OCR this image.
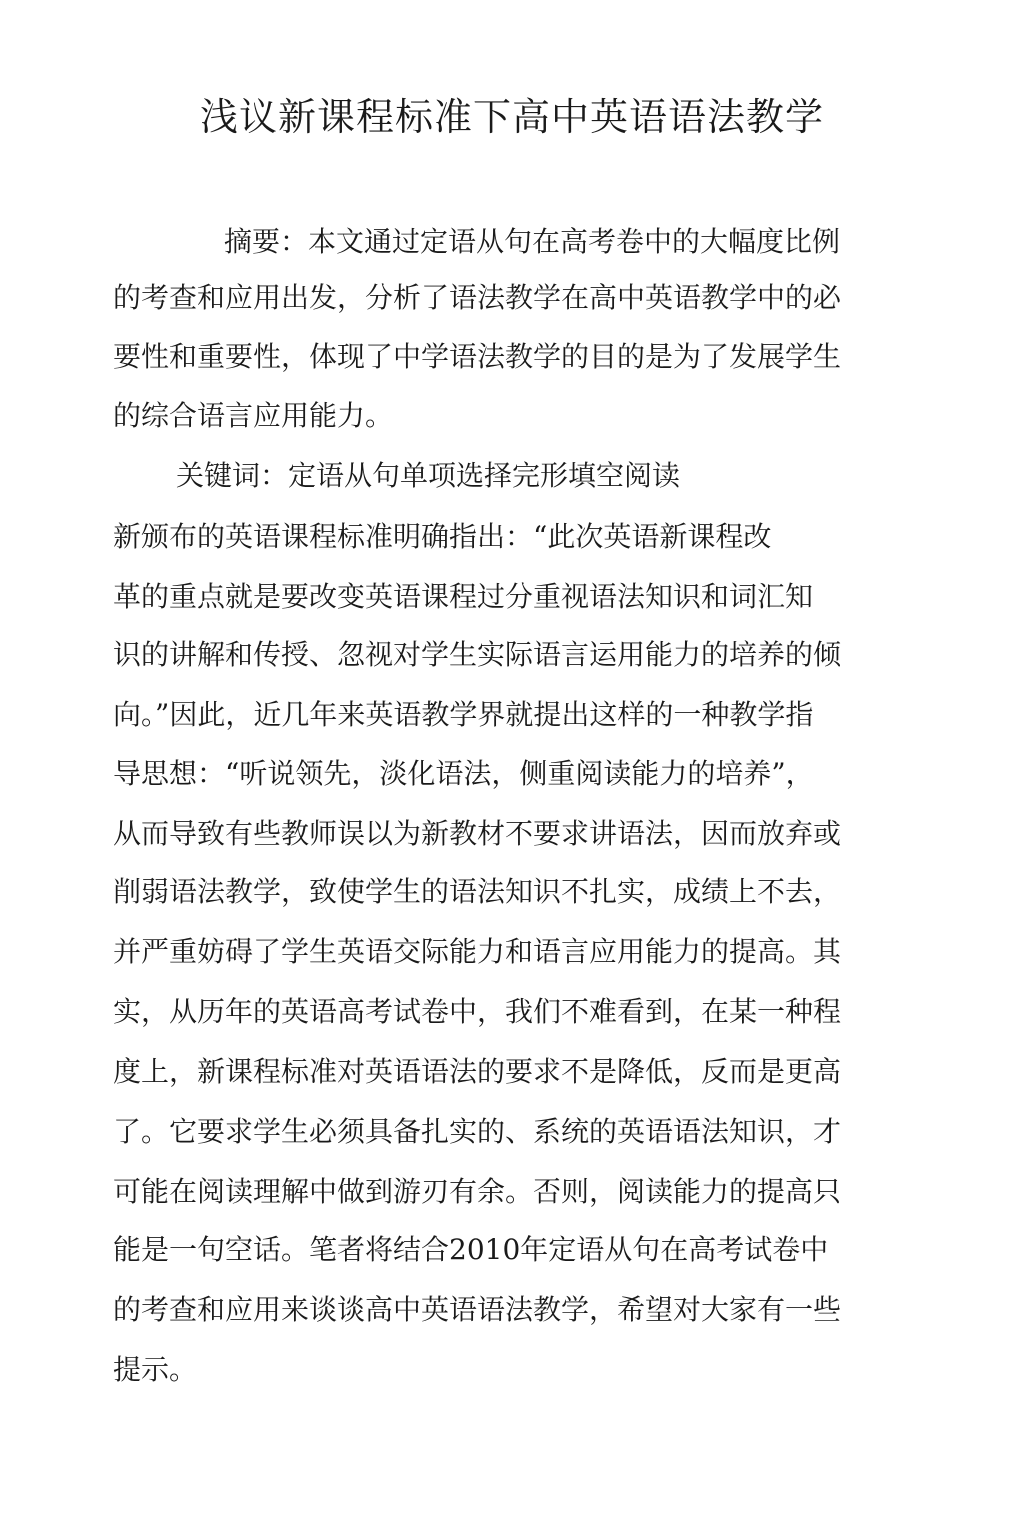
浅议新课程标准下高中英语语法教学

摘要：本文通过定语从句在高考卷中的大幅度比例

的考查和应用出发，分析了语法教学在高中英语教学中的必

要性和重要性，体现了中学语法教学的目的是为了发展学生

的综合语言应用能力。

关键词：定语从句单项选择完形填空阅读

新颁布的英语课程标准明确指出：“此次英语新课程改

革的重点就是要改变英语课程过分重视语法知识和词汇知

识的讲解和传授、忽视对学生实际语言运用能力的培养的倾

向。”因此，近几年来英语教学界就提出这样的一种教学指

导思想：“听说领先，淡化语法，侧重阅读能力的培养”，

从而导致有些教师误以为新教材不要求讲语法，因而放弃或

削弱语法教学，致使学生的语法知识不扎实，成绩上不去，

并严重妨碍了学生英语交际能力和语言应用能力的提高。其

实，从历年的英语高考试卷中，我们不难看到，在某一种程

度上，新课程标准对英语语法的要求不是降低，反而是更高

了。它要求学生必须具备扎实的、系统的英语语法知识，才

可能在阅读理解中做到游刃有余。否则，阅读能力的提高只

能是一句空话。笔者将结合2010年定语从句在高考试卷中

的考查和应用来谈谈高中英语语法教学，希望对大家有一些

提示。
